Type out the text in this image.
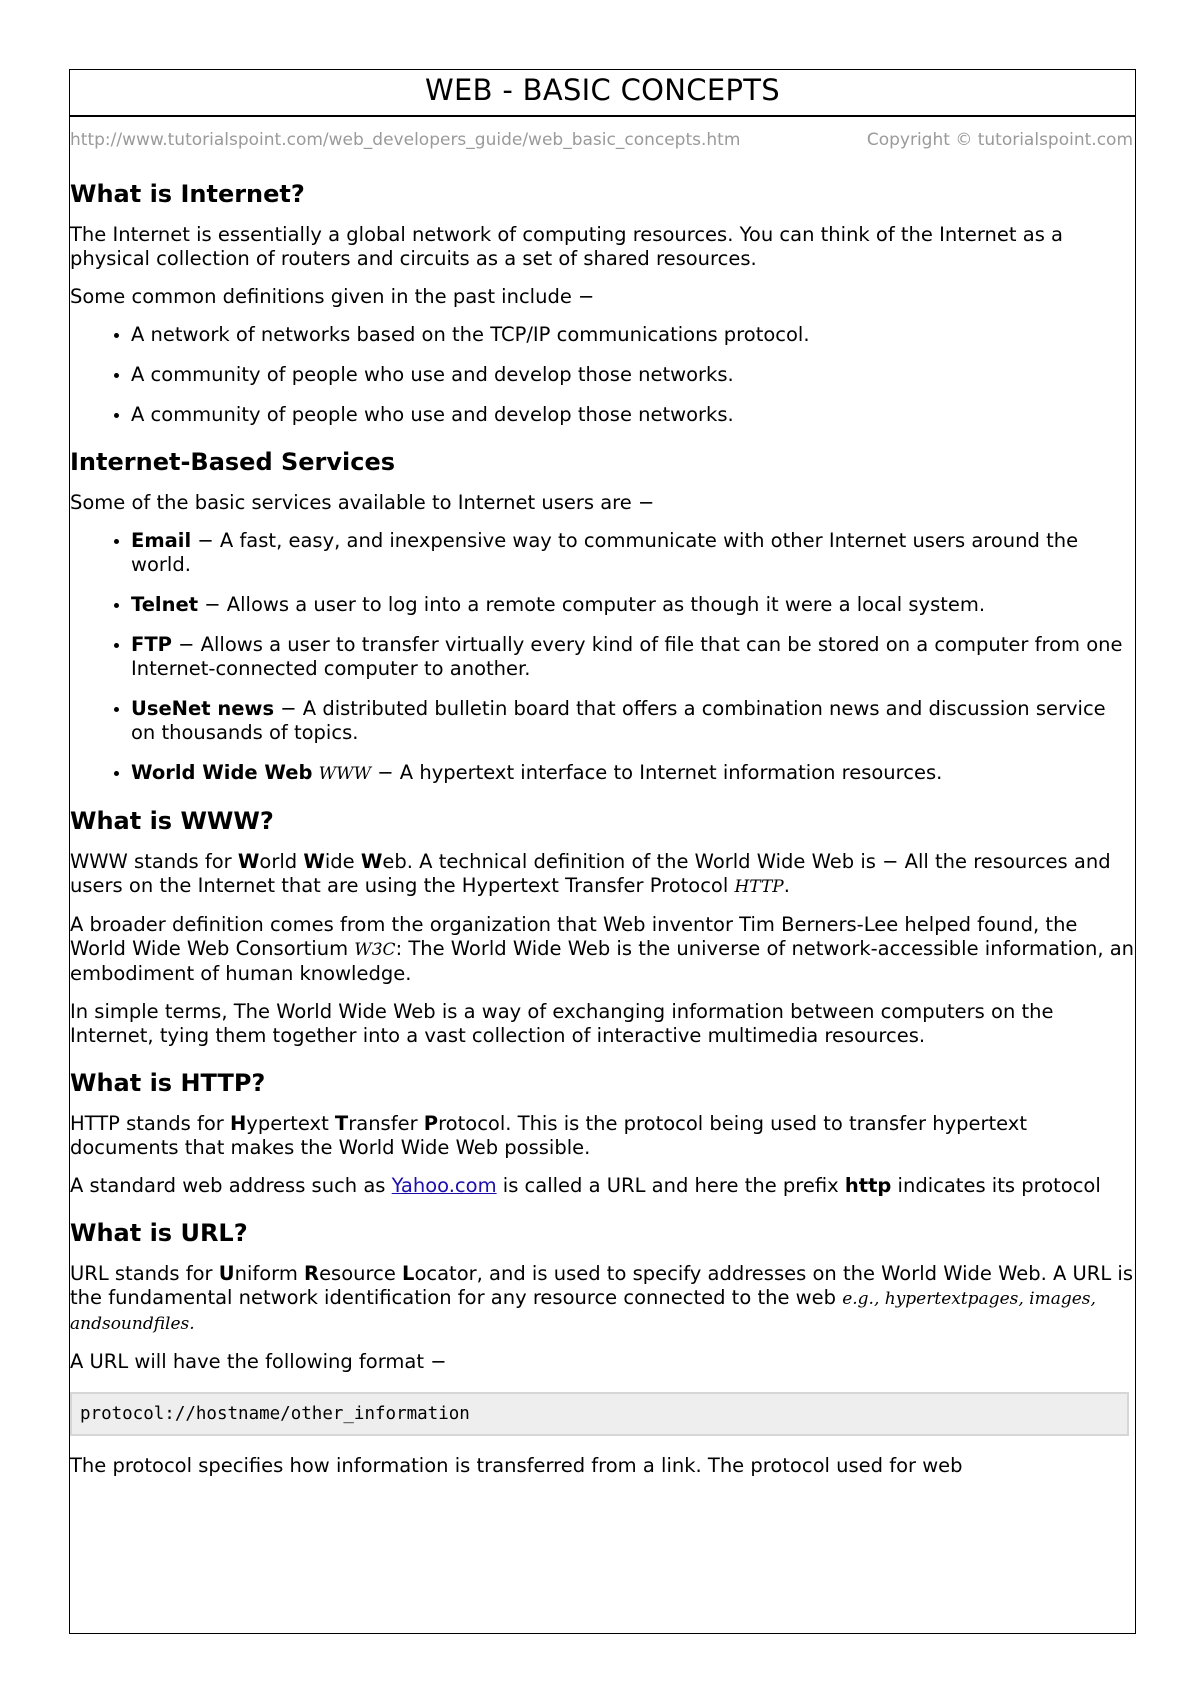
WEB - BASIC CONCEPTS
http://www.tutorialspoint.com/web_developers_guide/web_basic_concepts.htm	Copyright © tutorialspoint.com
What is Internet?

The Internet is essentially a global network of computing resources. You can think of the Internet as a physical collection of routers and circuits as a set of shared resources.

Some common definitions given in the past include −

• A network of networks based on the TCP/IP communications protocol.
• A community of people who use and develop those networks.
• A community of people who use and develop those networks.
Internet-Based Services

Some of the basic services available to Internet users are −

• Email − A fast, easy, and inexpensive way to communicate with other Internet users around the world.
• Telnet − Allows a user to log into a remote computer as though it were a local system.
• FTP − Allows a user to transfer virtually every kind of file that can be stored on a computer from one Internet-connected computer to another.
• UseNet news − A distributed bulletin board that offers a combination news and discussion service on thousands of topics.
• World Wide Web WWW − A hypertext interface to Internet information resources.
What is WWW?

WWW stands for World Wide Web. A technical definition of the World Wide Web is − All the resources and users on the Internet that are using the Hypertext Transfer Protocol HTTP.

A broader definition comes from the organization that Web inventor Tim Berners-Lee helped found, the World Wide Web Consortium W3C: The World Wide Web is the universe of network-accessible information, an embodiment of human knowledge.

In simple terms, The World Wide Web is a way of exchanging information between computers on the Internet, tying them together into a vast collection of interactive multimedia resources.

What is HTTP?

HTTP stands for Hypertext Transfer Protocol. This is the protocol being used to transfer hypertext documents that makes the World Wide Web possible.

A standard web address such as Yahoo.com is called a URL and here the prefix http indicates its protocol

What is URL?

URL stands for Uniform Resource Locator, and is used to specify addresses on the World Wide Web. A URL is the fundamental network identification for any resource connected to the web e.g., hypertextpages, images, andsoundfiles.

A URL will have the following format −

protocol://hostname/other_information

The protocol specifies how information is transferred from a link. The protocol used for web
